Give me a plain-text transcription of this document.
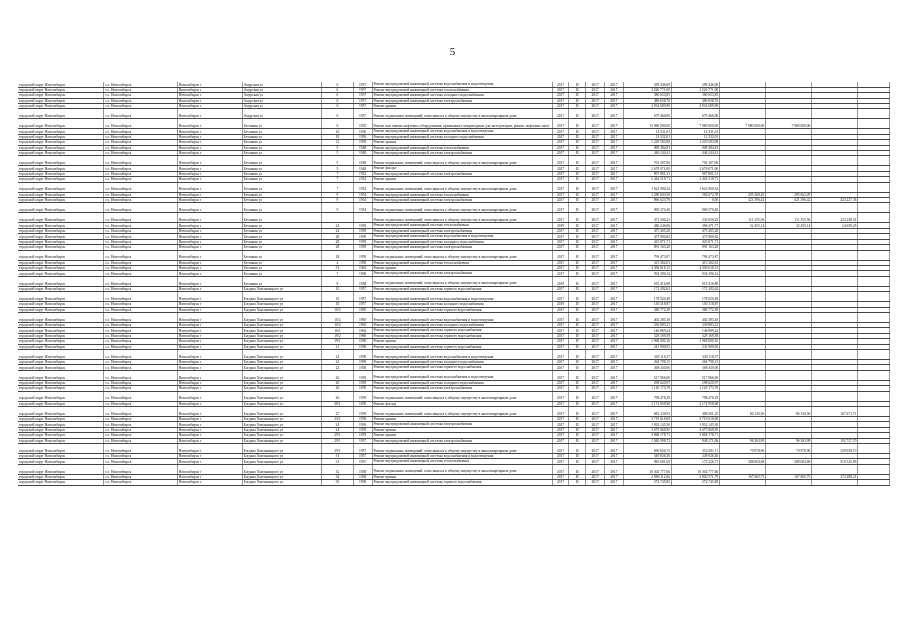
5
городской округ Новосибирск	г.о. Новосибирск	Новосибирск г	Амурская ул	6	1957	Ремонт внутридомовой инженерной системы водоснабжения и водоотведения	2017	И	2017	2017	299 446,00	299 446,00				
городской округ Новосибирск	г.о. Новосибирск	Новосибирск г	Амурская ул	6	1957	Ремонт внутридомовой инженерной системы теплоснабжения	2017	И	2017	2017	3 526 771,00	3 526 771,00				
городской округ Новосибирск	г.о. Новосибирск	Новосибирск г	Амурская ул	6	1957	Ремонт внутридомовой инженерной системы холодного водоснабжения	2017	И	2017	2017	380 653,85	380 653,85				
городской округ Новосибирск	г.о. Новосибирск	Новосибирск г	Амурская ул	6	1957	Ремонт внутридомовой инженерной системы электроснабжения	2017	И	2017	2017	486 658,76	486 658,76				
городской округ Новосибирск	г.о. Новосибирск	Новосибирск г	Амурская ул	6	1957	Ремонт крыши	2017	И	2017	2017	4 934 689,99	4 934 689,99				
городской округ Новосибирск	г.о. Новосибирск	Новосибирск г	Амурская ул	6	1957	Ремонт подвальных помещений, относящихся к общему имуществу в многоквартирном доме	2017	И	2017	2017	679 466,00	679 466,00				
городской округ Новосибирск	г.о. Новосибирск	Новосибирск г	Бетонная ул	6	1955	Ремонт или замена лифтового оборудования, признанного непригодным для эксплуатации, ремонт лифтовых шахт	2017	И	2017	2017	15 960 000,00	7 980 000,00	7 980 000,00	7 980 000,00		
городской округ Новосибирск	г.о. Новосибирск	Новосибирск г	Бетонная ул	10	1956	Ремонт внутридомовой инженерной системы водоснабжения и водоотведения	2017	И	2017	2017	12 331,01	12 331,01				
городской округ Новосибирск	г.о. Новосибирск	Новосибирск г	Бетонная ул	10	1956	Ремонт внутридомовой инженерной системы холодного водоснабжения	2017	И	2017	2017	12 332,01	12 332,01				
городской округ Новосибирск	г.о. Новосибирск	Новосибирск г	Бетонная ул	21	1959	Ремонт крыши	2017	И	2017	2017	1 229 583,90	1 229 583,90				
городской округ Новосибирск	г.о. Новосибирск	Новосибирск г	Бетонная ул	5	1948	Ремонт внутридомовой инженерной системы теплоснабжения	2017	И	2017	2017	909 384,81	909 384,81				
городской округ Новосибирск	г.о. Новосибирск	Новосибирск г	Бетонная ул	5	1948	Ремонт внутридомовой инженерной системы электроснабжения	2017	И	2017	2017	446 244,41	446 244,41				
городской округ Новосибирск	г.о. Новосибирск	Новосибирск г	Бетонная ул	5	1948	Ремонт подвальных помещений, относящихся к общему имуществу в многоквартирном доме	2017	И	2017	2017	702 307,00	702 307,00				
городской округ Новосибирск	г.о. Новосибирск	Новосибирск г	Бетонная ул	5	1948	Ремонт фасада	2017	И	2017	2017	2 678 071,00	2 678 071,00				
городской округ Новосибирск	г.о. Новосибирск	Новосибирск г	Бетонная ул	7	1952	Ремонт внутридомовой инженерной системы электроснабжения	2017	И	2017	2017	907 801,31	907 801,31				
городской округ Новосибирск	г.о. Новосибирск	Новосибирск г	Бетонная ул	7	1952	Ремонт крыши	2017	И	2017	2017	3 444 518,71	3 444 518,71				
городской округ Новосибирск	г.о. Новосибирск	Новосибирск г	Бетонная ул	7	1952	Ремонт подвальных помещений, относящихся к общему имуществу в многоквартирном доме	2017	И	2017	2017	1 622 900,34	1 622 900,34				
городской округ Новосибирск	г.о. Новосибирск	Новосибирск г	Бетонная ул	9	1954	Ремонт внутридомовой инженерной системы теплоснабжения	2017	И	2017	2017	1 280 603,50	584 672,70	295 268,29	295 662,49		
городской округ Новосибирск	г.о. Новосибирск	Новосибирск г	Бетонная ул	9	1954	Ремонт внутридомовой инженерной системы электроснабжения	2017	И	2017	2017	866 623,78	0,00	421 396,42	421 396,42	423 227,36	
городской округ Новосибирск	г.о. Новосибирск	Новосибирск г	Бетонная ул	9	1954	Ремонт подвальных помещений, относящихся к общему имуществу в многоквартирном доме	2017	И	2017	2017	900 370,40	900 370,40				
городской округ Новосибирск	г.о. Новосибирск	Новосибирск г	Бетонная ул			Ремонт подвальных помещений, относящихся к общему имуществу в многоквартирном доме	2017	И	2017	2017	471 304,21	235 656,23	111 355,56	111 355,56	223 248,31	
городской округ Новосибирск	г.о. Новосибирск	Новосибирск г	Бетонная ул	24	1959	Ремонт внутридомовой инженерной системы теплоснабжения	2019	И	2017	2017	486 246,86	396 471,77	32 455,14	32 455,14	24 658,25	
городской округ Новосибирск	г.о. Новосибирск	Новосибирск г	Бетонная ул	24	1959	Ремонт внутридомовой инженерной системы электроснабжения	2017	И	2017	2017	475 405,28	475 405,28				
городской округ Новосибирск	г.о. Новосибирск	Новосибирск г	Бетонная ул	28	1959	Ремонт внутридомовой инженерной системы водоснабжения и водоотведения	2017	И	2017	2017	473 900,82	473 900,82				
городской округ Новосибирск	г.о. Новосибирск	Новосибирск г	Бетонная ул	28	1959	Ремонт внутридомовой инженерной системы холодного водоснабжения	2017	И	2017	2017	423 071,71	423 071,71				
городской округ Новосибирск	г.о. Новосибирск	Новосибирск г	Бетонная ул	28	1959	Ремонт внутридомовой инженерной системы электроснабжения	2017	И	2017	2017	891 163,20	891 163,20				
городской округ Новосибирск	г.о. Новосибирск	Новосибирск г	Бетонная ул	28	1959	Ремонт подвальных помещений, относящихся к общему имуществу в многоквартирном доме	2017	И	2017	2017	794 473,87	794 473,87				
городской округ Новосибирск	г.о. Новосибирск	Новосибирск г	Бетонная ул	4	1958	Ремонт внутридомовой инженерной системы теплоснабжения	2017	И	2017	2017	413 362,61	413 362,61				
городской округ Новосибирск	г.о. Новосибирск	Новосибирск г	Бетонная ул	51	1962	Ремонт крыши	2017	И	2017	2017	4 306 618,13	4 306 618,13				
городской округ Новосибирск	г.о. Новосибирск	Новосибирск г	Бетонная ул	7	1958	Ремонт внутридомовой инженерной системы электроснабжения	2017	И	2017	2017	934 396,14	934 396,14				
городской округ Новосибирск	г.о. Новосибирск	Новосибирск г	Бетонная ул	9	1958	Ремонт подвальных помещений, относящихся к общему имуществу в многоквартирном доме	2019	И	2017	2017	919 416,88	919 416,88				
городской округ Новосибирск	г.о. Новосибирск	Новосибирск г	Богдана Хмельницкого ул	10	1957	Ремонт внутридомовой инженерной системы горячего водоснабжения	2017	И	2017	2017	171 282,62	171 282,62				
городской округ Новосибирск	г.о. Новосибирск	Новосибирск г	Богдана Хмельницкого ул	10	1957	Ремонт внутридомовой инженерной системы водоснабжения и водоотведения	2017	И	2017	2017	178 920,48	178 920,48				
городской округ Новосибирск	г.о. Новосибирск	Новосибирск г	Богдана Хмельницкого ул	10	1957	Ремонт внутридомовой инженерной системы холодного водоснабжения	2019	И	2017	2017	150 318,87	150 318,87				
городской округ Новосибирск	г.о. Новосибирск	Новосибирск г	Богдана Хмельницкого ул	10/3	1965	Ремонт внутридомовой инженерной системы горячего водоснабжения	2017	И	2017	2017	386 772,58	386 772,58				
городской округ Новосибирск	г.о. Новосибирск	Новосибирск г	Богдана Хмельницкого ул	10/2	1965	Ремонт внутридомовой инженерной системы водоснабжения и водоотведения	2017	И	2017	2017	402 383,18	402 383,18				
городской округ Новосибирск	г.о. Новосибирск	Новосибирск г	Богдана Хмельницкого ул	10/2	1965	Ремонт внутридомовой инженерной системы холодного водоснабжения	2017	И	2017	2017	230 883,31	230 883,31				
городской округ Новосибирск	г.о. Новосибирск	Новосибирск г	Богдана Хмельницкого ул	16/1	1962	Ремонт внутридомовой инженерной системы горячего водоснабжения	2017	И	2017	2017	146 869,24	146 869,24				
городской округ Новосибирск	г.о. Новосибирск	Новосибирск г	Богдана Хмельницкого ул	19/2	1960	Ремонт внутридомовой инженерной системы горячего водоснабжения	2017	И	2017	2017	329 169,58	329 169,58				
городской округ Новосибирск	г.о. Новосибирск	Новосибирск г	Богдана Хмельницкого ул	19/1	1958	Ремонт крыши	2017	И	2017	2017	1 968 000,16	1 968 000,16				
городской округ Новосибирск	г.о. Новосибирск	Новосибирск г	Богдана Хмельницкого ул	21	1958	Ремонт внутридомовой инженерной системы горячего водоснабжения	2017	И	2017	2017	241 900,05	241 900,05				
городской округ Новосибирск	г.о. Новосибирск	Новосибирск г	Богдана Хмельницкого ул	22	1958	Ремонт внутридомовой инженерной системы водоснабжения и водоотведения	2017	И	2017	2017	349 118,37	349 118,37				
городской округ Новосибирск	г.о. Новосибирск	Новосибирск г	Богдана Хмельницкого ул	22	1958	Ремонт внутридомовой инженерной системы холодного водоснабжения	2017	И	2017	2017	264 798,15	264 798,15				
городской округ Новосибирск	г.о. Новосибирск	Новосибирск г	Богдана Хмельницкого ул	22	1958	Ремонт внутридомовой инженерной системы горячего водоснабжения	2017	И	2017	2017	368 430,06	368 430,06				
городской округ Новосибирск	г.о. Новосибирск	Новосибирск г	Богдана Хмельницкого ул	26	1959	Ремонт внутридомовой инженерной системы водоснабжения и водоотведения	2017	И	2017	2017	517 966,00	517 966,00				
городской округ Новосибирск	г.о. Новосибирск	Новосибирск г	Богдана Хмельницкого ул	26	1959	Ремонт внутридомовой инженерной системы холодного водоснабжения	2017	И	2017	2017	298 620,97	298 620,97				
городской округ Новосибирск	г.о. Новосибирск	Новосибирск г	Богдана Хмельницкого ул	26	1959	Ремонт внутридомовой инженерной системы электроснабжения	2017	И	2017	2017	1 120 173,70	1 120 173,70				
городской округ Новосибирск	г.о. Новосибирск	Новосибирск г	Богдана Хмельницкого ул	26	1959	Ремонт подвальных помещений, относящихся к общему имуществу в многоквартирном доме	2017	И	2017	2017	798 478,29	798 478,29				
городской округ Новосибирск	г.о. Новосибирск	Новосибирск г	Богдана Хмельницкого ул	28/1	1959	Ремонт фасада	2017	И	2017	2017	2 174 958,90	2 174 958,90				
городской округ Новосибирск	г.о. Новосибирск	Новосибирск г	Богдана Хмельницкого ул	27	1959	Ремонт подвальных помещений, относящихся к общему имуществу в многоквартирном доме	2017	И	2017	2017	682 236,93	408 501,25	84 120,56	84 130,56	167 671,71	
городской округ Новосибирск	г.о. Новосибирск	Новосибирск г	Богдана Хмельницкого ул	23/1	1958	Ремонт крыши	2017	И	2017	2017	3 719 618,00	3 719 618,00				
городской округ Новосибирск	г.о. Новосибирск	Новосибирск г	Богдана Хмельницкого ул	24	1959	Ремонт внутридомовой инженерной системы электроснабжения	2017	И	2017	2017	1 932 145,30	1 932 145,30				
городской округ Новосибирск	г.о. Новосибирск	Новосибирск г	Богдана Хмельницкого ул	24	1959	Ремонт крыши	2017	И	2017	2017	3 675 068,95	3 675 068,95				
городской округ Новосибирск	г.о. Новосибирск	Новосибирск г	Богдана Хмельницкого ул	29/1	1959	Ремонт крыши	2017	И	2017	2017	3 868 178,71	3 868 178,71				
городской округ Новосибирск	г.о. Новосибирск	Новосибирск г	Богдана Хмельницкого ул	29/1	1957	Ремонт внутридомовой инженерной системы электроснабжения	2017	И	2017	2017	1 040 998,75	848 271,06	96 363,99	96 363,99	192 727,70	
городской округ Новосибирск	г.о. Новосибирск	Новосибирск г	Богдана Хмельницкого ул	29/1	1957	Ремонт подвальных помещений, относящихся к общему имуществу в многоквартирном доме	2017	И	2017	2017	690 626,72	352 691,11	70 978,96	70 978,96	339 938,19	
городской округ Новосибирск	г.о. Новосибирск	Новосибирск г	Богдана Хмельницкого ул	31	1957	Ремонт внутридомовой инженерной системы водоснабжения и водоотведения	2017	И	2017	2017	349 826,36	349 826,36				
городской округ Новосибирск	г.о. Новосибирск	Новосибирск г	Богдана Хмельницкого ул	31	1957	Ремонт внутридомовой инженерной системы теплоснабжения	2017	И	2017	2017	983 681,65	175 226,71	288 004,68	288 004,68	510 525,96	
городской округ Новосибирск	г.о. Новосибирск	Новосибирск г	Богдана Хмельницкого ул	32	1958	Ремонт подвальных помещений, относящихся к общему имуществу в многоквартирном доме	2017	И	2017	2017	10 302 777,66	10 302 777,66				
городской округ Новосибирск	г.о. Новосибирск	Новосибирск г	Богдана Хмельницкого ул	34	1958	Ремонт крыши	2017	И	2017	2017	2 986 112,66	2 840 571,79	167 665,75	167 665,75	374 288,21	
городской округ Новосибирск	г.о. Новосибирск	Новосибирск г	Богдана Хмельницкого ул	35	1958	Ремонт внутридомовой инженерной системы горячего водоснабжения	2017	И	2017	2017	272 745,85	272 745,85				
